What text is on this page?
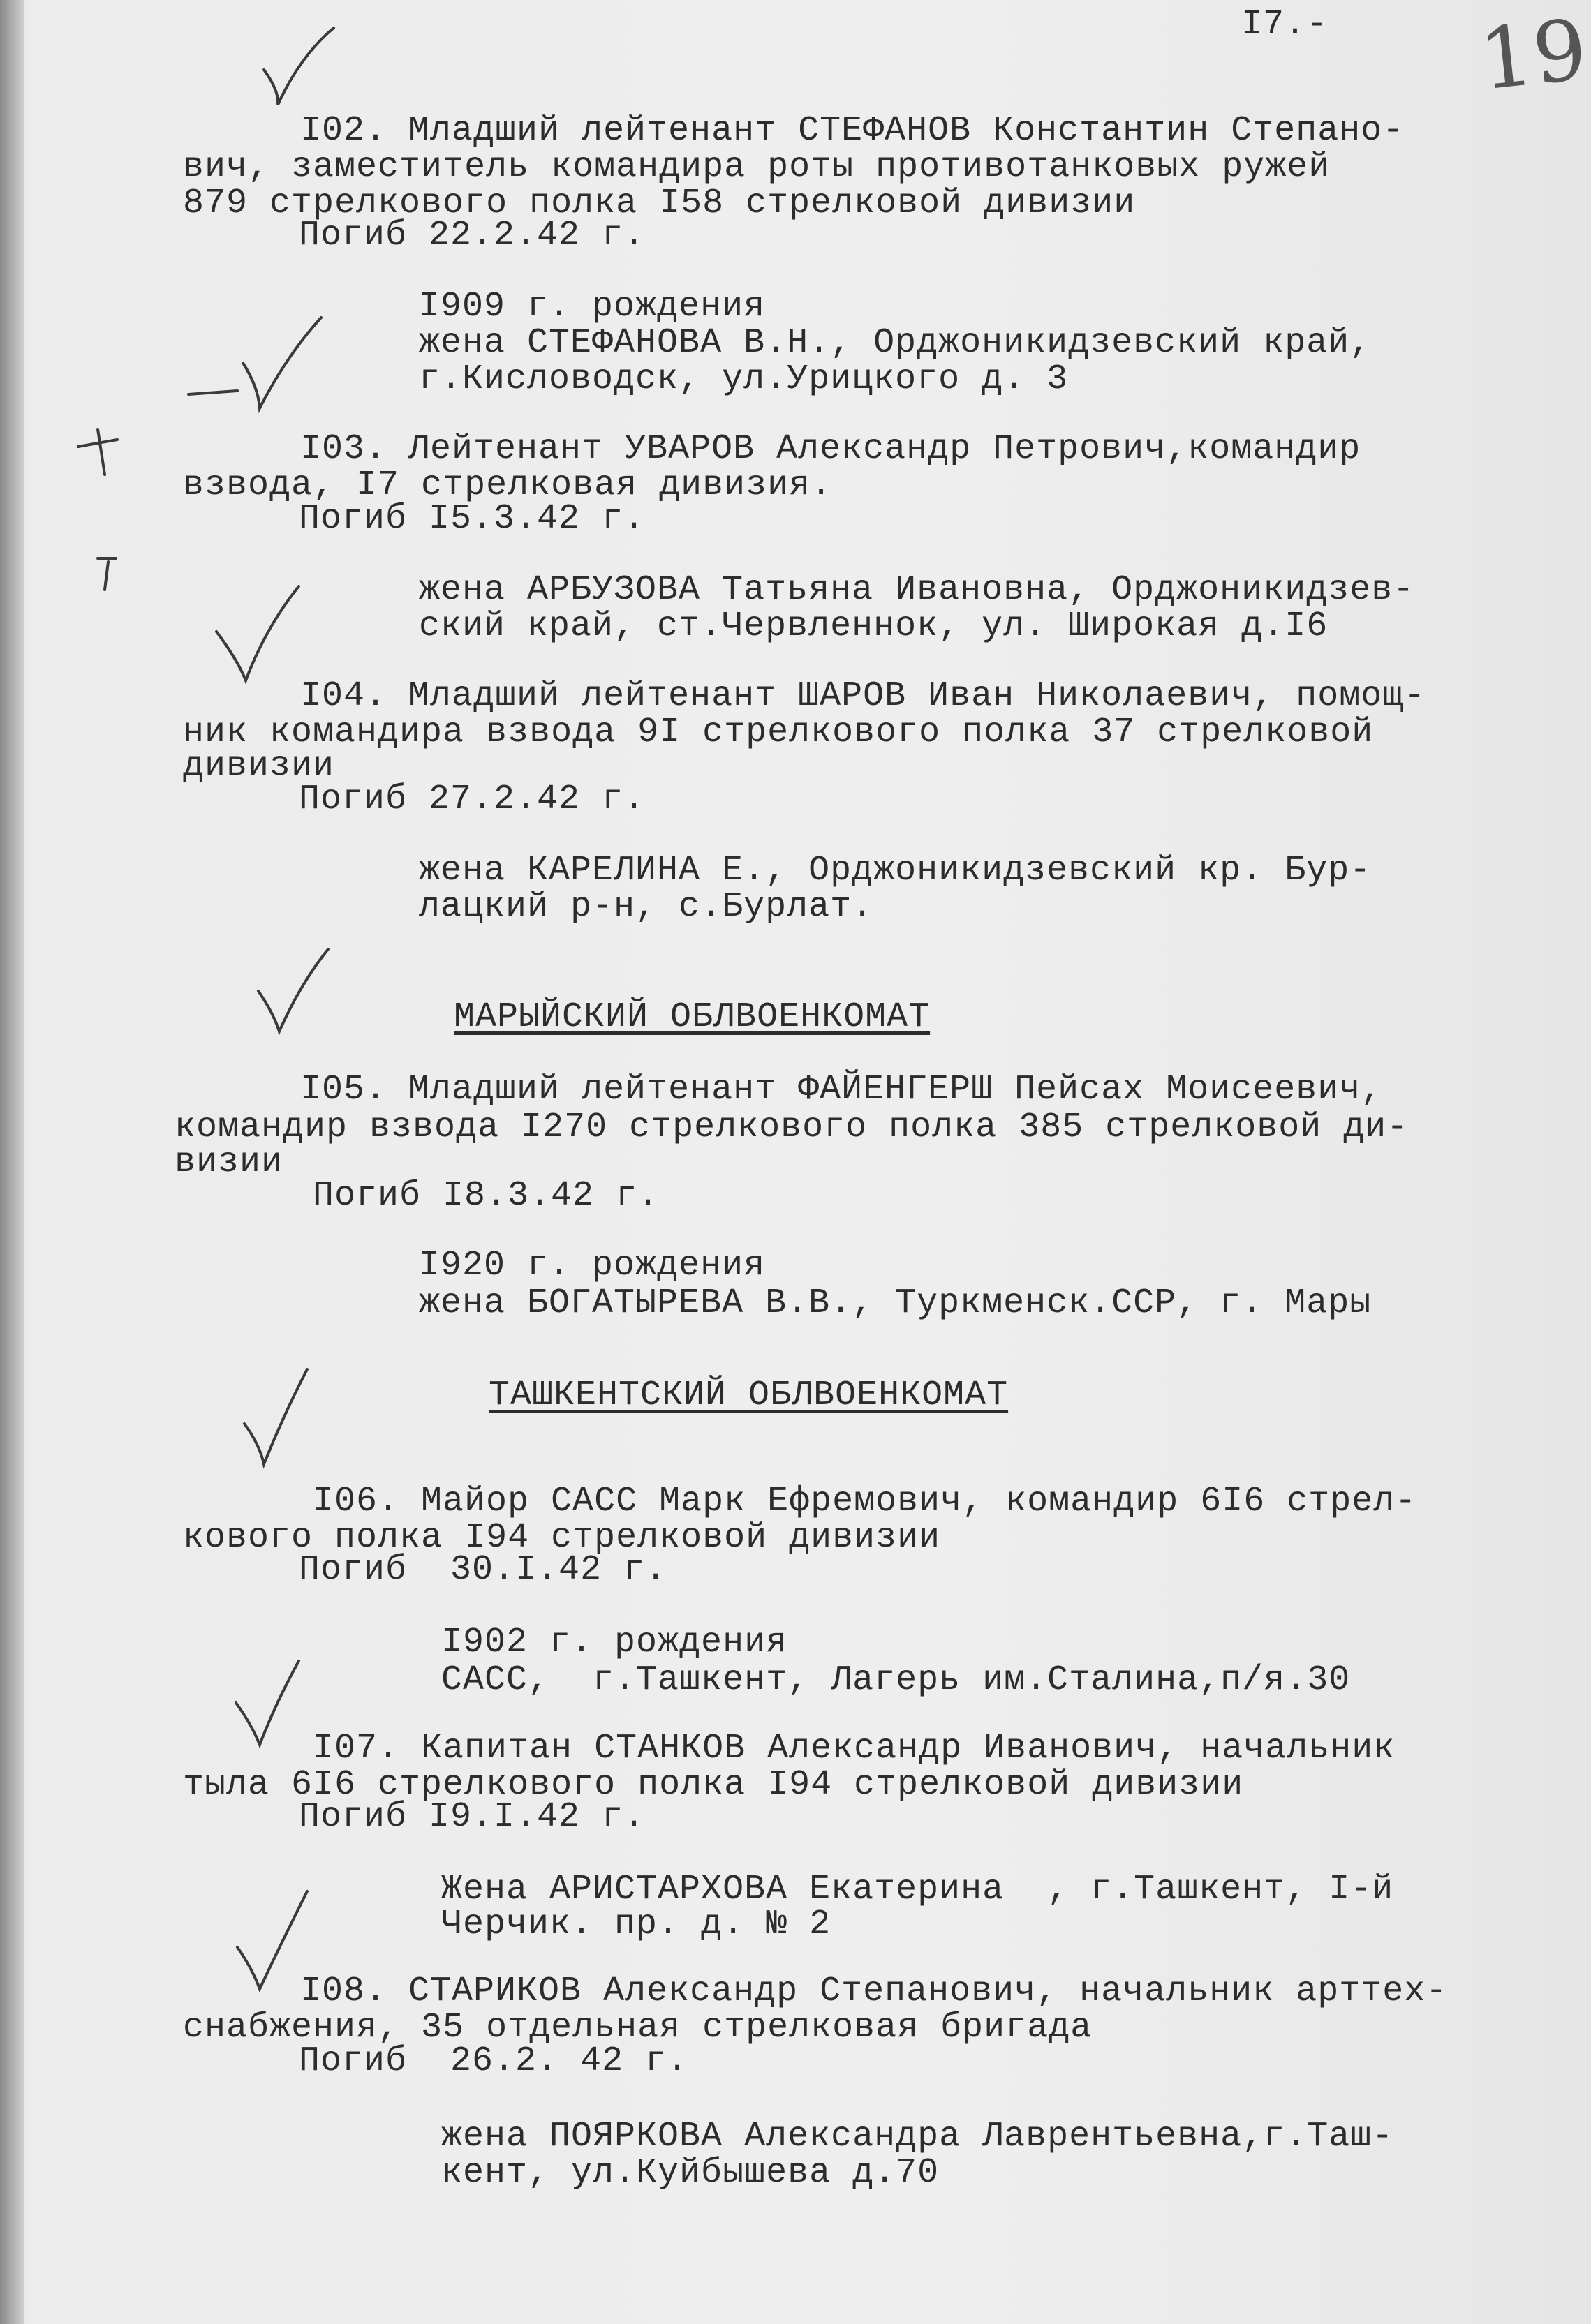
I7.- 19
I02. Младший лейтенант СТЕФАНОВ Константин Степано-
вич, заместитель командира роты противотанковых ружей
879 стрелкового полка I58 стрелковой дивизии
Погиб 22.2.42 г.
I909 г. рождения
жена СТЕФАНОВА В.Н., Орджоникидзевский край,
г.Кисловодск, ул.Урицкого д. 3
I03. Лейтенант УВАРОВ Александр Петрович,командир
взвода, I7 стрелковая дивизия.
Погиб I5.3.42 г.
жена АРБУЗОВА Татьяна Ивановна, Орджоникидзев-
ский край, ст.Червленнок, ул. Широкая д.I6
I04. Младший лейтенант ШАРОВ Иван Николаевич, помощ-
ник командира взвода 9I стрелкового полка 37 стрелковой
дивизии
Погиб 27.2.42 г.
жена КАРЕЛИНА Е., Орджоникидзевский кр. Бур-
лацкий р-н, с.Бурлат.
МАРЫЙСКИЙ ОБЛВОЕНКОМАТ
I05. Младший лейтенант ФАЙЕНГЕРШ Пейсах Моисеевич,
командир взвода I270 стрелкового полка 385 стрелковой ди-
визии
Погиб I8.3.42 г.
I920 г. рождения
жена БОГАТЫРЕВА В.В., Туркменск.ССР, г. Мары
ТАШКЕНТСКИЙ ОБЛВОЕНКОМАТ
I06. Майор САСС Марк Ефремович, командир 6I6 стрел-
кового полка I94 стрелковой дивизии
Погиб  30.I.42 г.
I902 г. рождения
САСС,  г.Ташкент, Лагерь им.Сталина,п/я.30
I07. Капитан СТАНКОВ Александр Иванович, начальник
тыла 6I6 стрелкового полка I94 стрелковой дивизии
Погиб I9.I.42 г.
Жена АРИСТАРХОВА Екатерина  , г.Ташкент, I-й
Черчик. пр. д. № 2
I08. СТАРИКОВ Александр Степанович, начальник арттех-
снабжения, 35 отдельная стрелковая бригада
Погиб  26.2. 42 г.
жена ПОЯРКОВА Александра Лаврентьевна,г.Таш-
кент, ул.Куйбышева д.70
